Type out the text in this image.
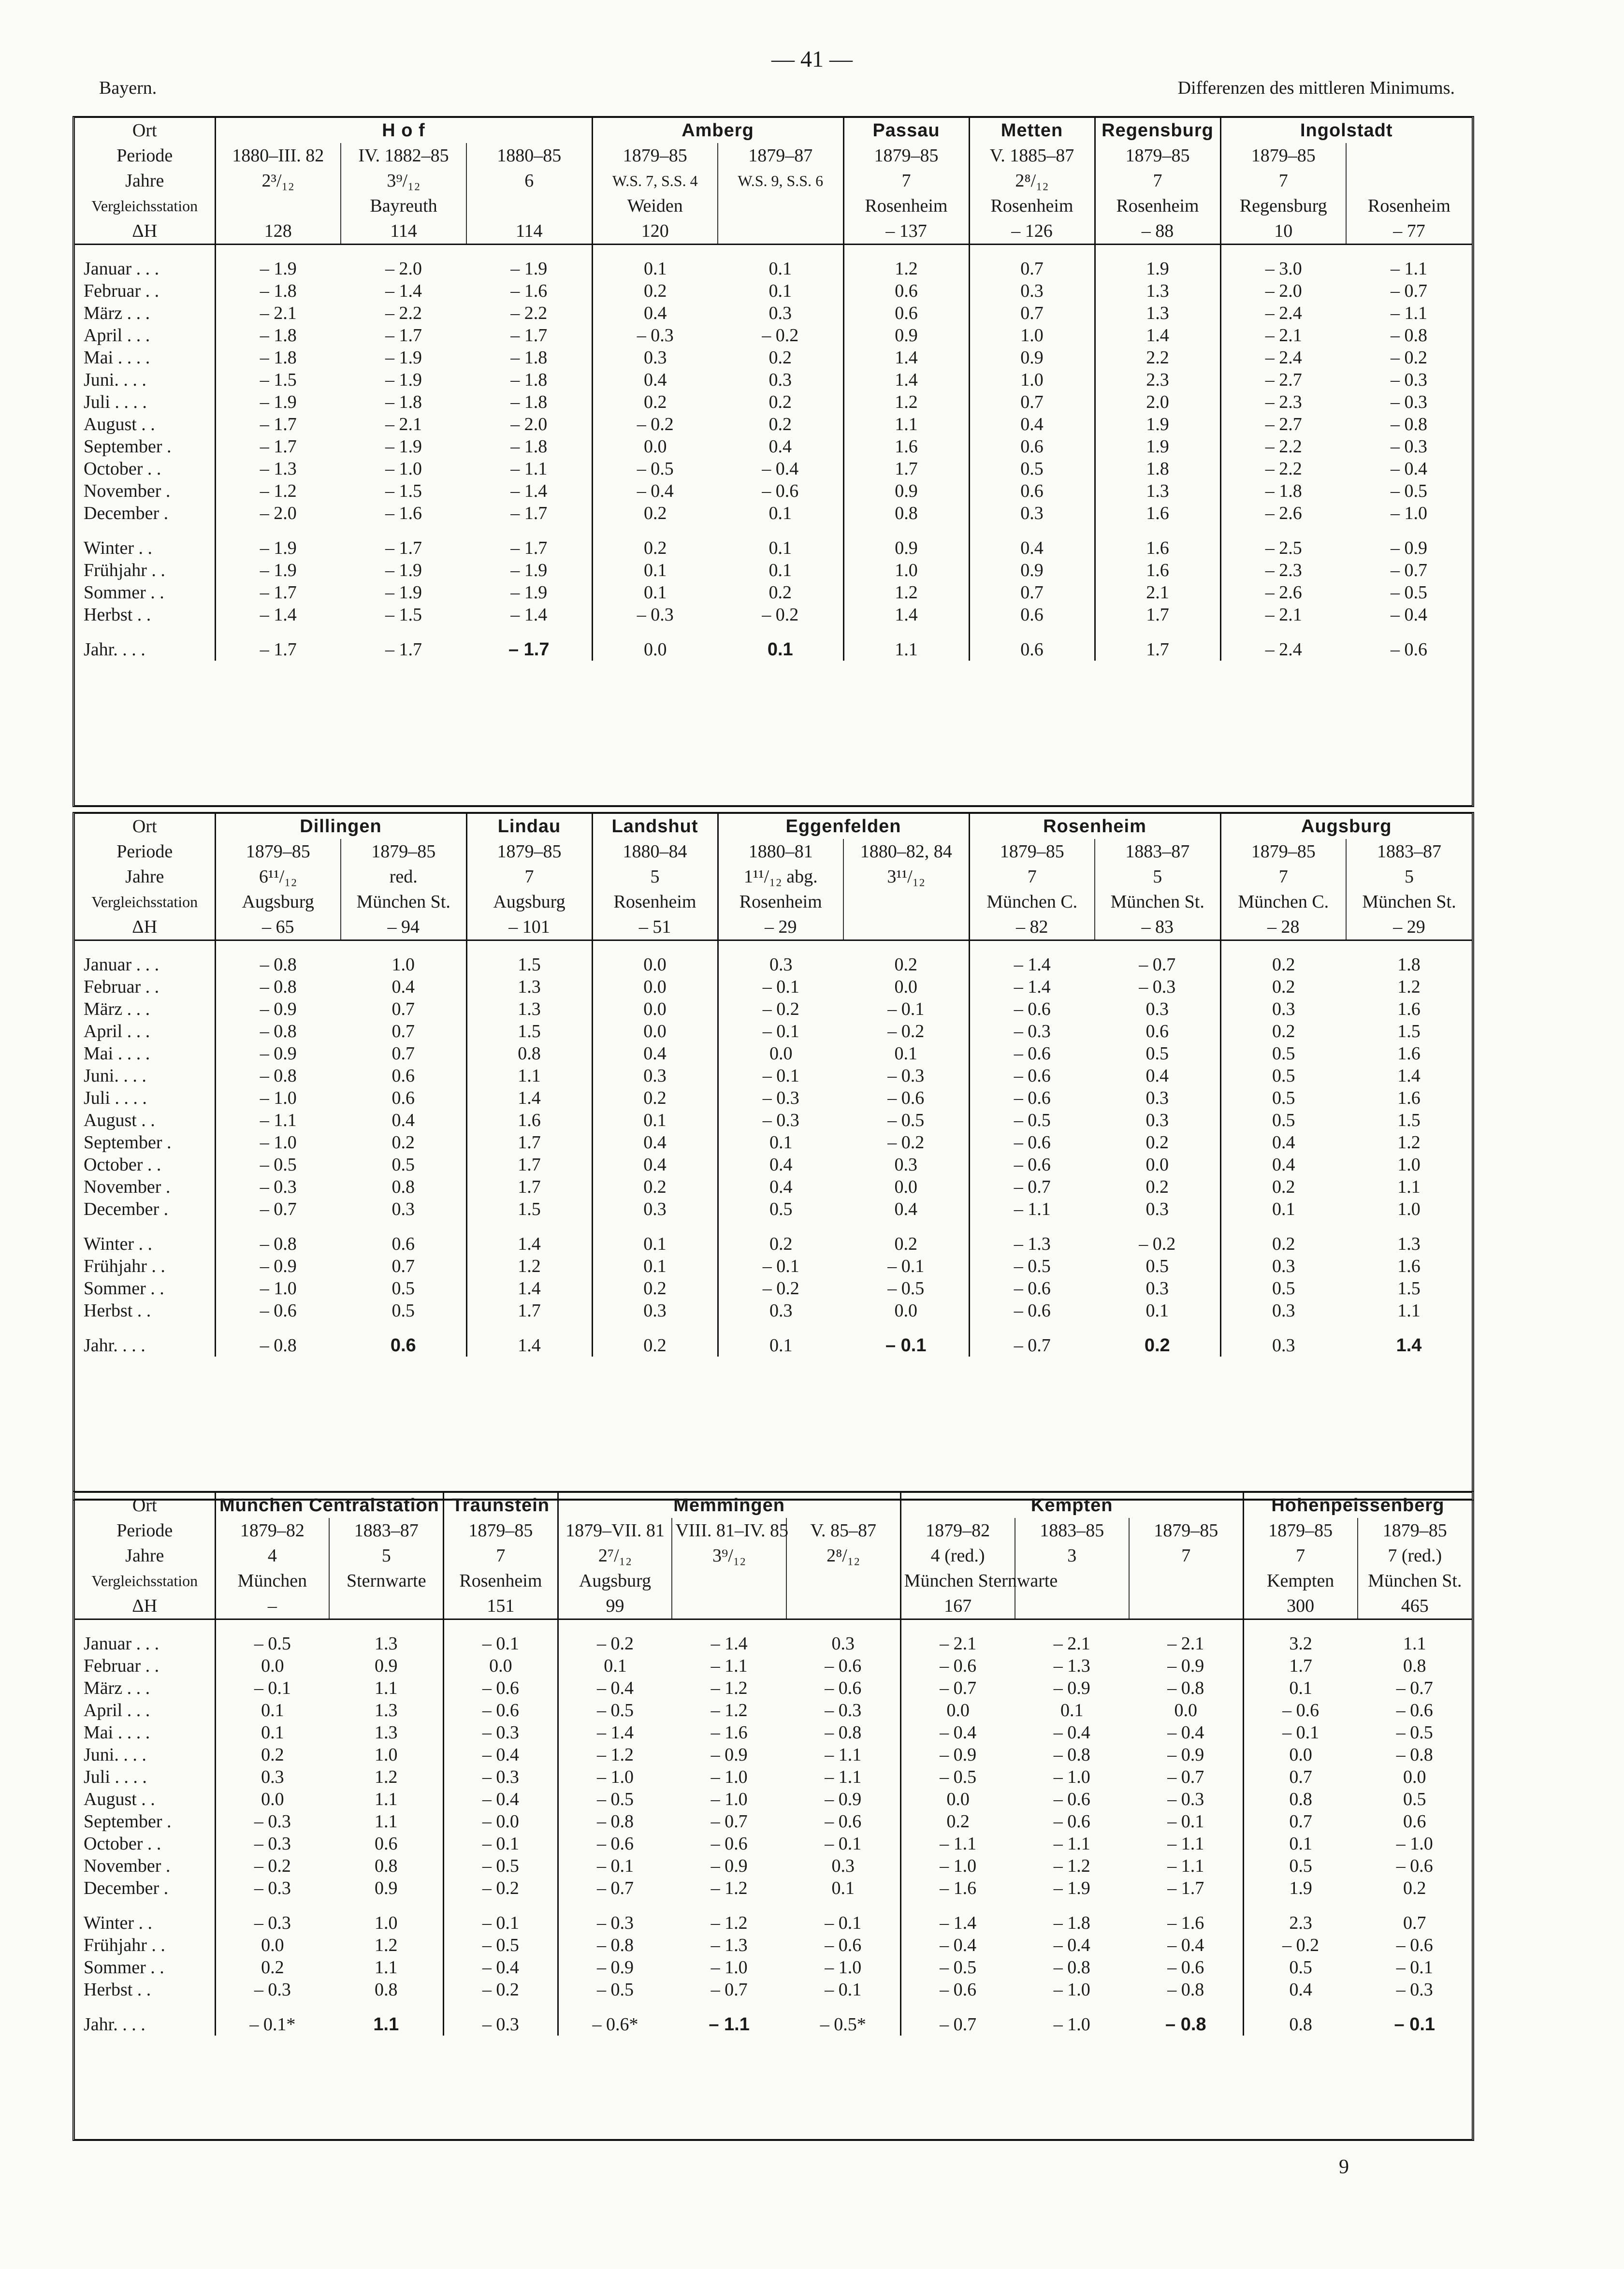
Bayern.
— 41 —
Differenzen des mittleren Minimums.
Ort	H o f			Amberg		Passau	Metten	Regensburg	Ingolstadt	
Periode	1880–III. 82	IV. 1882–85	1880–85	1879–85	1879–87	1879–85	V. 1885–87	1879–85	1879–85	
Jahre	2³/₁₂	3⁹/₁₂	6	W.S. 7, S.S. 4	W.S. 9, S.S. 6	7	2⁸/₁₂	7	7	
Vergleichsstation		Bayreuth		Weiden		Rosenheim	Rosenheim	Rosenheim	Regensburg	Rosenheim
ΔH	128	114	114	120		– 137	– 126	– 88	10	– 77

Januar . . .	– 1.9	– 2.0	– 1.9	0.1	0.1	1.2	0.7	1.9	– 3.0	– 1.1
Februar . .	– 1.8	– 1.4	– 1.6	0.2	0.1	0.6	0.3	1.3	– 2.0	– 0.7
März . . .	– 2.1	– 2.2	– 2.2	0.4	0.3	0.6	0.7	1.3	– 2.4	– 1.1
April . . .	– 1.8	– 1.7	– 1.7	– 0.3	– 0.2	0.9	1.0	1.4	– 2.1	– 0.8
Mai . . . .	– 1.8	– 1.9	– 1.8	0.3	0.2	1.4	0.9	2.2	– 2.4	– 0.2
Juni. . . .	– 1.5	– 1.9	– 1.8	0.4	0.3	1.4	1.0	2.3	– 2.7	– 0.3
Juli . . . .	– 1.9	– 1.8	– 1.8	0.2	0.2	1.2	0.7	2.0	– 2.3	– 0.3
August . .	– 1.7	– 2.1	– 2.0	– 0.2	0.2	1.1	0.4	1.9	– 2.7	– 0.8
September .	– 1.7	– 1.9	– 1.8	0.0	0.4	1.6	0.6	1.9	– 2.2	– 0.3
October . .	– 1.3	– 1.0	– 1.1	– 0.5	– 0.4	1.7	0.5	1.8	– 2.2	– 0.4
November .	– 1.2	– 1.5	– 1.4	– 0.4	– 0.6	0.9	0.6	1.3	– 1.8	– 0.5
December .	– 2.0	– 1.6	– 1.7	0.2	0.1	0.8	0.3	1.6	– 2.6	– 1.0

Winter . .	– 1.9	– 1.7	– 1.7	0.2	0.1	0.9	0.4	1.6	– 2.5	– 0.9
Frühjahr . .	– 1.9	– 1.9	– 1.9	0.1	0.1	1.0	0.9	1.6	– 2.3	– 0.7
Sommer . .	– 1.7	– 1.9	– 1.9	0.1	0.2	1.2	0.7	2.1	– 2.6	– 0.5
Herbst . .	– 1.4	– 1.5	– 1.4	– 0.3	– 0.2	1.4	0.6	1.7	– 2.1	– 0.4

Jahr. . . .	– 1.7	– 1.7	– 1.7	0.0	0.1	1.1	0.6	1.7	– 2.4	– 0.6
Ort	Dillingen		Lindau	Landshut	Eggenfelden		Rosenheim		Augsburg	
Periode	1879–85	1879–85	1879–85	1880–84	1880–81	1880–82, 84	1879–85	1883–87	1879–85	1883–87
Jahre	6¹¹/₁₂	red.	7	5	1¹¹/₁₂ abg.	3¹¹/₁₂	7	5	7	5
Vergleichsstation	Augsburg	München St.	Augsburg	Rosenheim	Rosenheim		München C.	München St.	München C.	München St.
ΔH	– 65	– 94	– 101	– 51	– 29		– 82	– 83	– 28	– 29

Januar . . .	– 0.8	1.0	1.5	0.0	0.3	0.2	– 1.4	– 0.7	0.2	1.8
Februar . .	– 0.8	0.4	1.3	0.0	– 0.1	0.0	– 1.4	– 0.3	0.2	1.2
März . . .	– 0.9	0.7	1.3	0.0	– 0.2	– 0.1	– 0.6	0.3	0.3	1.6
April . . .	– 0.8	0.7	1.5	0.0	– 0.1	– 0.2	– 0.3	0.6	0.2	1.5
Mai . . . .	– 0.9	0.7	0.8	0.4	0.0	0.1	– 0.6	0.5	0.5	1.6
Juni. . . .	– 0.8	0.6	1.1	0.3	– 0.1	– 0.3	– 0.6	0.4	0.5	1.4
Juli . . . .	– 1.0	0.6	1.4	0.2	– 0.3	– 0.6	– 0.6	0.3	0.5	1.6
August . .	– 1.1	0.4	1.6	0.1	– 0.3	– 0.5	– 0.5	0.3	0.5	1.5
September .	– 1.0	0.2	1.7	0.4	0.1	– 0.2	– 0.6	0.2	0.4	1.2
October . .	– 0.5	0.5	1.7	0.4	0.4	0.3	– 0.6	0.0	0.4	1.0
November .	– 0.3	0.8	1.7	0.2	0.4	0.0	– 0.7	0.2	0.2	1.1
December .	– 0.7	0.3	1.5	0.3	0.5	0.4	– 1.1	0.3	0.1	1.0

Winter . .	– 0.8	0.6	1.4	0.1	0.2	0.2	– 1.3	– 0.2	0.2	1.3
Frühjahr . .	– 0.9	0.7	1.2	0.1	– 0.1	– 0.1	– 0.5	0.5	0.3	1.6
Sommer . .	– 1.0	0.5	1.4	0.2	– 0.2	– 0.5	– 0.6	0.3	0.5	1.5
Herbst . .	– 0.6	0.5	1.7	0.3	0.3	0.0	– 0.6	0.1	0.3	1.1

Jahr. . . .	– 0.8	0.6	1.4	0.2	0.1	– 0.1	– 0.7	0.2	0.3	1.4
Ort	München Centralstation		Traunstein	Memmingen			Kempten			Hohenpeissenberg	
Periode	1879–82	1883–87	1879–85	1879–VII. 81	VIII. 81–IV. 85	V. 85–87	1879–82	1883–85	1879–85	1879–85	1879–85
Jahre	4	5	7	2⁷/₁₂	3⁹/₁₂	2⁸/₁₂	4 (red.)	3	7	7	7 (red.)
Vergleichsstation	München	Sternwarte	Rosenheim	Augsburg			München Sternwarte			Kempten	München St.
ΔH	–		151	99			167			300	465

Januar . . .	– 0.5	1.3	– 0.1	– 0.2	– 1.4	0.3	– 2.1	– 2.1	– 2.1	3.2	1.1
Februar . .	0.0	0.9	0.0	0.1	– 1.1	– 0.6	– 0.6	– 1.3	– 0.9	1.7	0.8
März . . .	– 0.1	1.1	– 0.6	– 0.4	– 1.2	– 0.6	– 0.7	– 0.9	– 0.8	0.1	– 0.7
April . . .	0.1	1.3	– 0.6	– 0.5	– 1.2	– 0.3	0.0	0.1	0.0	– 0.6	– 0.6
Mai . . . .	0.1	1.3	– 0.3	– 1.4	– 1.6	– 0.8	– 0.4	– 0.4	– 0.4	– 0.1	– 0.5
Juni. . . .	0.2	1.0	– 0.4	– 1.2	– 0.9	– 1.1	– 0.9	– 0.8	– 0.9	0.0	– 0.8
Juli . . . .	0.3	1.2	– 0.3	– 1.0	– 1.0	– 1.1	– 0.5	– 1.0	– 0.7	0.7	0.0
August . .	0.0	1.1	– 0.4	– 0.5	– 1.0	– 0.9	0.0	– 0.6	– 0.3	0.8	0.5
September .	– 0.3	1.1	– 0.0	– 0.8	– 0.7	– 0.6	0.2	– 0.6	– 0.1	0.7	0.6
October . .	– 0.3	0.6	– 0.1	– 0.6	– 0.6	– 0.1	– 1.1	– 1.1	– 1.1	0.1	– 1.0
November .	– 0.2	0.8	– 0.5	– 0.1	– 0.9	0.3	– 1.0	– 1.2	– 1.1	0.5	– 0.6
December .	– 0.3	0.9	– 0.2	– 0.7	– 1.2	0.1	– 1.6	– 1.9	– 1.7	1.9	0.2

Winter . .	– 0.3	1.0	– 0.1	– 0.3	– 1.2	– 0.1	– 1.4	– 1.8	– 1.6	2.3	0.7
Frühjahr . .	0.0	1.2	– 0.5	– 0.8	– 1.3	– 0.6	– 0.4	– 0.4	– 0.4	– 0.2	– 0.6
Sommer . .	0.2	1.1	– 0.4	– 0.9	– 1.0	– 1.0	– 0.5	– 0.8	– 0.6	0.5	– 0.1
Herbst . .	– 0.3	0.8	– 0.2	– 0.5	– 0.7	– 0.1	– 0.6	– 1.0	– 0.8	0.4	– 0.3

Jahr. . . .	– 0.1*	1.1	– 0.3	– 0.6*	– 1.1	– 0.5*	– 0.7	– 1.0	– 0.8	0.8	– 0.1
9
